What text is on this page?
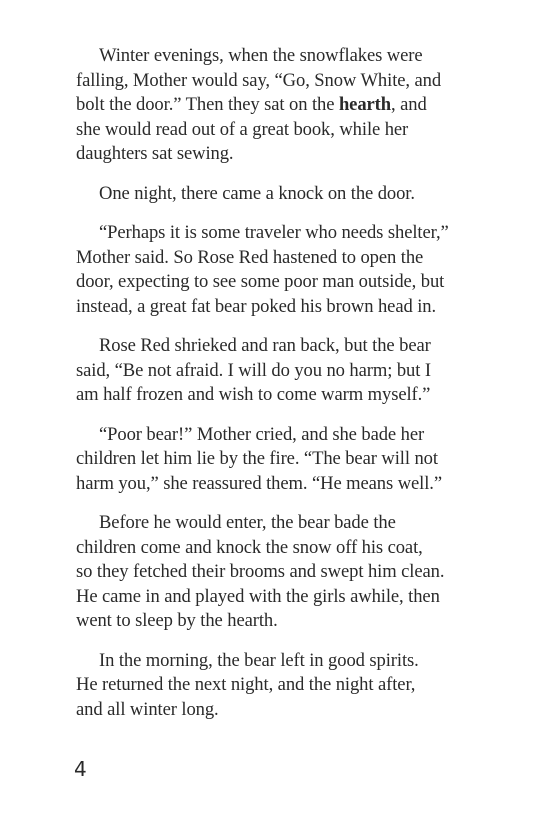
Winter evenings, when the snowflakes were
falling, Mother would say, “Go, Snow White, and
bolt the door.” Then they sat on the hearth, and
she would read out of a great book, while her
daughters sat sewing.

One night, there came a knock on the door.

“Perhaps it is some traveler who needs shelter,”
Mother said. So Rose Red hastened to open the
door, expecting to see some poor man outside, but
instead, a great fat bear poked his brown head in.

Rose Red shrieked and ran back, but the bear
said, “Be not afraid. I will do you no harm; but I
am half frozen and wish to come warm myself.”

“Poor bear!” Mother cried, and she bade her
children let him lie by the fire. “The bear will not
harm you,” she reassured them. “He means well.”

Before he would enter, the bear bade the
children come and knock the snow off his coat,
so they fetched their brooms and swept him clean.
He came in and played with the girls awhile, then
went to sleep by the hearth.

In the morning, the bear left in good spirits.
He returned the next night, and the night after,
and all winter long.

4
